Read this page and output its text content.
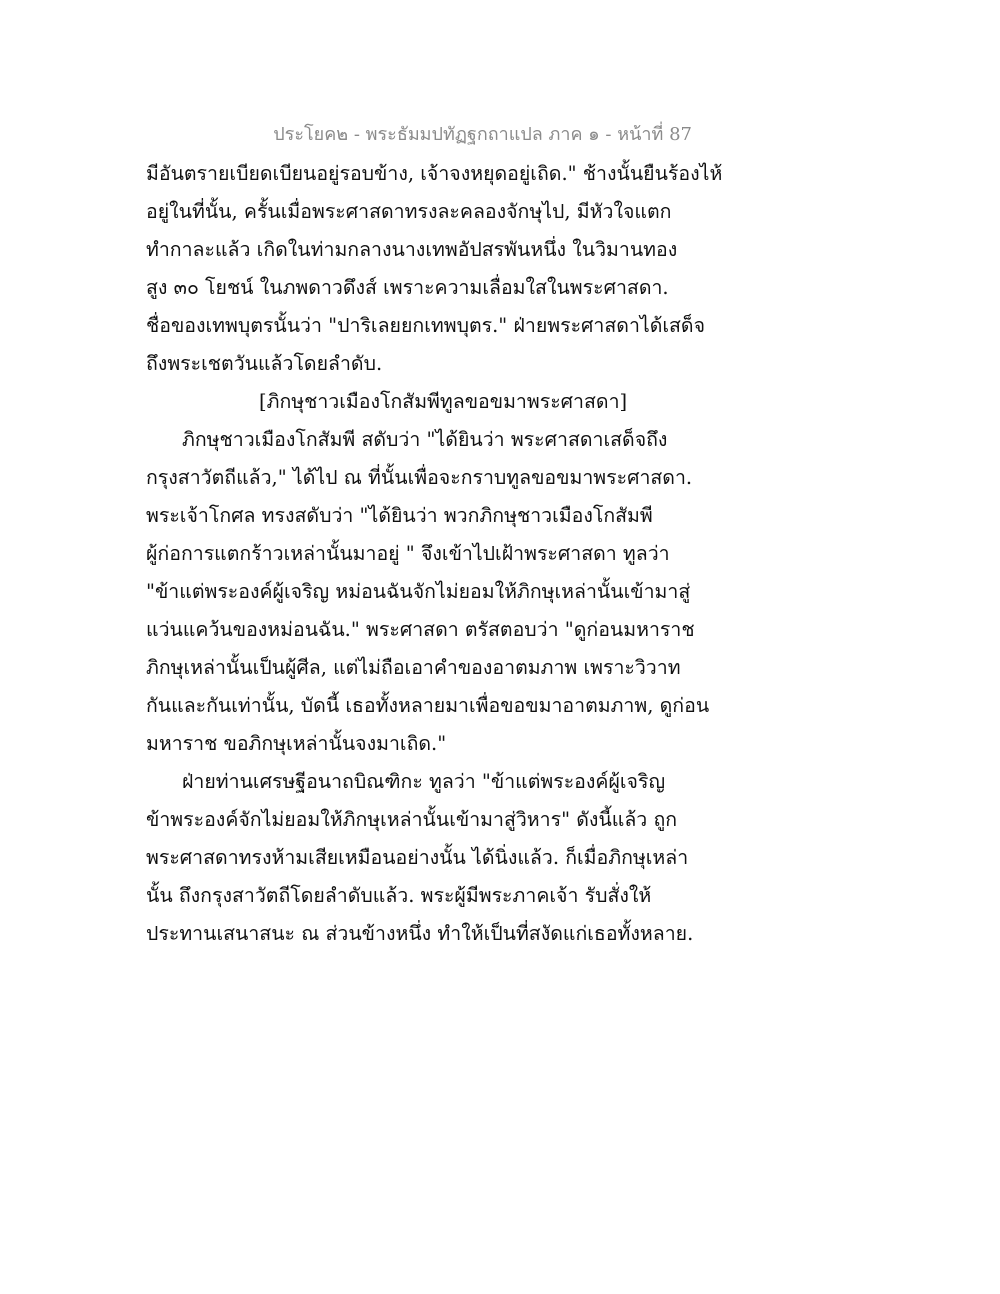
ประโยค๒ - พระธัมมปทัฏฐกถาแปล ภาค ๑ - หน้าที่ 87
มีอันตรายเบียดเบียนอยู่รอบข้าง, เจ้าจงหยุดอยู่เถิด." ช้างนั้นยืนร้องไห้
อยู่ในที่นั้น, ครั้นเมื่อพระศาสดาทรงละคลองจักษุไป, มีหัวใจแตก
ทำกาละแล้ว เกิดในท่ามกลางนางเทพอัปสรพันหนึ่ง ในวิมานทอง
สูง ๓๐ โยชน์ ในภพดาวดึงส์ เพราะความเลื่อมใสในพระศาสดา.
ชื่อของเทพบุตรนั้นว่า "ปาริเลยยกเทพบุตร." ฝ่ายพระศาสดาได้เสด็จ
ถึงพระเชตวันแล้วโดยลำดับ.
[ภิกษุชาวเมืองโกสัมพีทูลขอขมาพระศาสดา]
ภิกษุชาวเมืองโกสัมพี สดับว่า "ได้ยินว่า พระศาสดาเสด็จถึง
กรุงสาวัตถีแล้ว," ได้ไป ณ ที่นั้นเพื่อจะกราบทูลขอขมาพระศาสดา.
พระเจ้าโกศล ทรงสดับว่า "ได้ยินว่า พวกภิกษุชาวเมืองโกสัมพี
ผู้ก่อการแตกร้าวเหล่านั้นมาอยู่ " จึงเข้าไปเฝ้าพระศาสดา ทูลว่า
"ข้าแต่พระองค์ผู้เจริญ หม่อนฉันจักไม่ยอมให้ภิกษุเหล่านั้นเข้ามาสู่
แว่นแคว้นของหม่อนฉัน." พระศาสดา ตรัสตอบว่า "ดูก่อนมหาราช
ภิกษุเหล่านั้นเป็นผู้ศีล, แต่ไม่ถือเอาคำของอาตมภาพ เพราะวิวาท
กันและกันเท่านั้น, บัดนี้ เธอทั้งหลายมาเพื่อขอขมาอาตมภาพ, ดูก่อน
มหาราช ขอภิกษุเหล่านั้นจงมาเถิด."
ฝ่ายท่านเศรษฐีอนาถบิณฑิกะ ทูลว่า "ข้าแต่พระองค์ผู้เจริญ
ข้าพระองค์จักไม่ยอมให้ภิกษุเหล่านั้นเข้ามาสู่วิหาร" ดังนี้แล้ว ถูก
พระศาสดาทรงห้ามเสียเหมือนอย่างนั้น ได้นิ่งแล้ว. ก็เมื่อภิกษุเหล่า
นั้น ถึงกรุงสาวัตถีโดยลำดับแล้ว. พระผู้มีพระภาคเจ้า รับสั่งให้
ประทานเสนาสนะ ณ ส่วนข้างหนึ่ง ทำให้เป็นที่สงัดแก่เธอทั้งหลาย.
